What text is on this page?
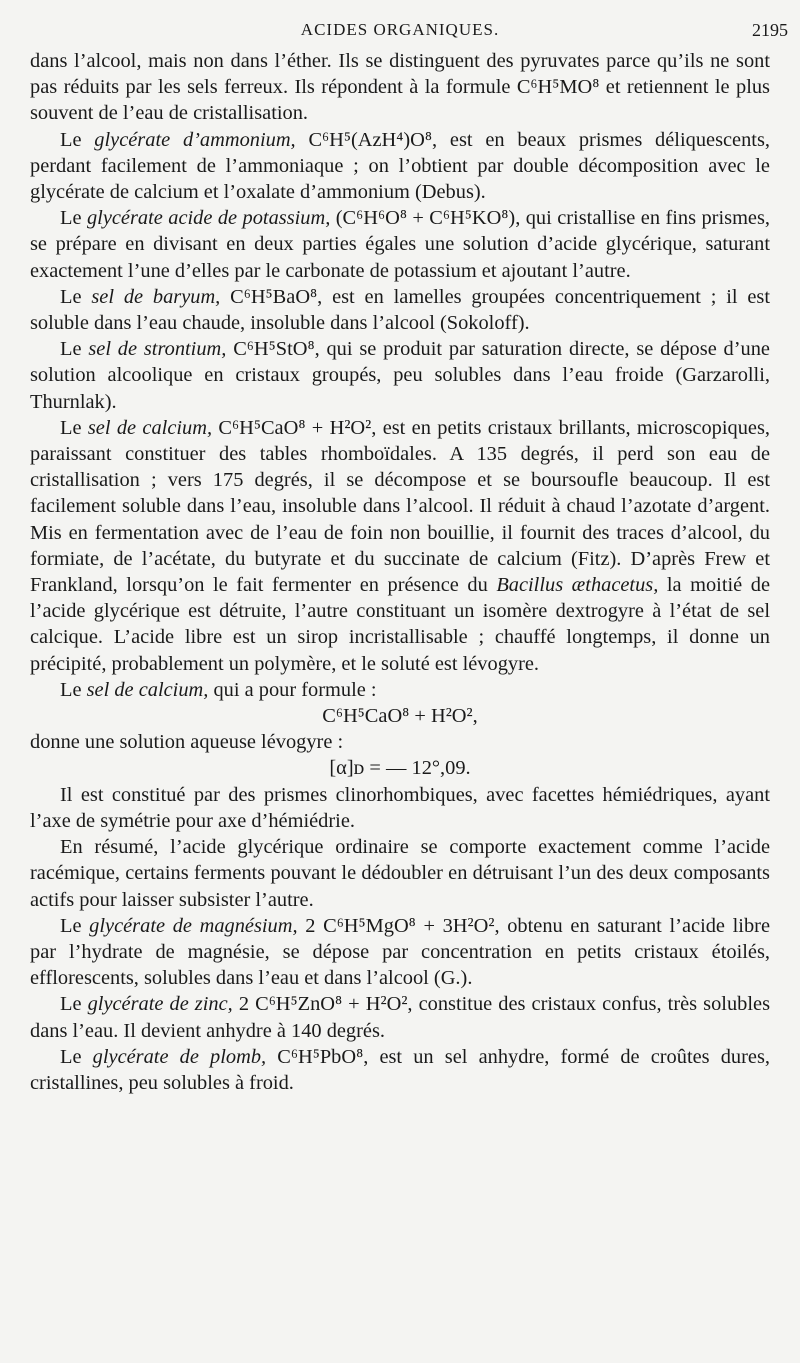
ACIDES ORGANIQUES.	2195

dans l’alcool, mais non dans l’éther. Ils se distinguent des pyruvates parce qu’ils ne sont pas réduits par les sels ferreux. Ils répondent à la formule C⁶H⁵MO⁸ et retiennent le plus souvent de l’eau de cristallisation.

Le glycérate d’ammonium, C⁶H⁵(AzH⁴)O⁸, est en beaux prismes déliquescents, perdant facilement de l’ammoniaque ; on l’obtient par double décomposition avec le glycérate de calcium et l’oxalate d’ammonium (Debus).

Le glycérate acide de potassium, (C⁶H⁶O⁸ + C⁶H⁵KO⁸), qui cristallise en fins prismes, se prépare en divisant en deux parties égales une solution d’acide glycérique, saturant exactement l’une d’elles par le carbonate de potassium et ajoutant l’autre.

Le sel de baryum, C⁶H⁵BaO⁸, est en lamelles groupées concentriquement ; il est soluble dans l’eau chaude, insoluble dans l’alcool (Sokoloff).

Le sel de strontium, C⁶H⁵StO⁸, qui se produit par saturation directe, se dépose d’une solution alcoolique en cristaux groupés, peu solubles dans l’eau froide (Garzarolli, Thurnlak).

Le sel de calcium, C⁶H⁵CaO⁸ + H²O², est en petits cristaux brillants, microscopiques, paraissant constituer des tables rhomboïdales. A 135 degrés, il perd son eau de cristallisation ; vers 175 degrés, il se décompose et se boursoufle beaucoup. Il est facilement soluble dans l’eau, insoluble dans l’alcool. Il réduit à chaud l’azotate d’argent. Mis en fermentation avec de l’eau de foin non bouillie, il fournit des traces d’alcool, du formiate, de l’acétate, du butyrate et du succinate de calcium (Fitz). D’après Frew et Frankland, lorsqu’on le fait fermenter en présence du Bacillus æthacetus, la moitié de l’acide glycérique est détruite, l’autre constituant un isomère dextrogyre à l’état de sel calcique. L’acide libre est un sirop incristallisable ; chauffé longtemps, il donne un précipité, probablement un polymère, et le soluté est lévogyre.

Le sel de calcium, qui a pour formule :

C⁶H⁵CaO⁸ + H²O²,

donne une solution aqueuse lévogyre :

[α]ᴅ = — 12°,09.

Il est constitué par des prismes clinorhombiques, avec facettes hémiédriques, ayant l’axe de symétrie pour axe d’hémiédrie.

En résumé, l’acide glycérique ordinaire se comporte exactement comme l’acide racémique, certains ferments pouvant le dédoubler en détruisant l’un des deux composants actifs pour laisser subsister l’autre.

Le glycérate de magnésium, 2 C⁶H⁵MgO⁸ + 3H²O², obtenu en saturant l’acide libre par l’hydrate de magnésie, se dépose par concentration en petits cristaux étoilés, efflorescents, solubles dans l’eau et dans l’alcool (G.).

Le glycérate de zinc, 2 C⁶H⁵ZnO⁸ + H²O², constitue des cristaux confus, très solubles dans l’eau. Il devient anhydre à 140 degrés.

Le glycérate de plomb, C⁶H⁵PbO⁸, est un sel anhydre, formé de croûtes dures, cristallines, peu solubles à froid.
